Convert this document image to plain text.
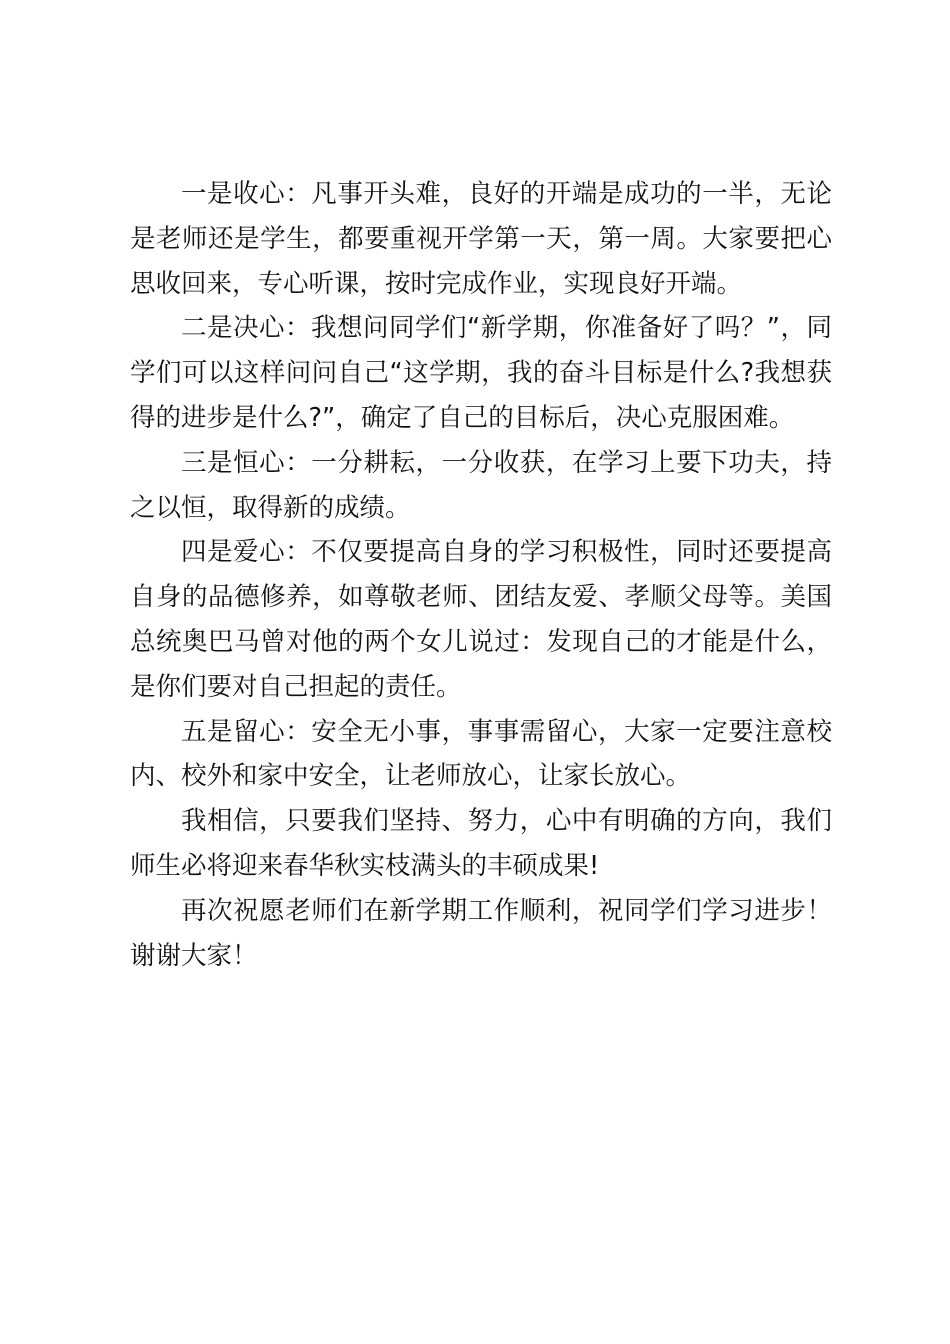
一是收心：凡事开头难，良好的开端是成功的一半，无论是老师还是学生，都要重视开学第一天，第一周。大家要把心思收回来，专心听课，按时完成作业，实现良好开端。

二是决心：我想问同学们“新学期，你准备好了吗？”，同学们可以这样问问自己“这学期，我的奋斗目标是什么?我想获得的进步是什么?”，确定了自己的目标后，决心克服困难。

三是恒心：一分耕耘，一分收获，在学习上要下功夫，持之以恒，取得新的成绩。

四是爱心：不仅要提高自身的学习积极性，同时还要提高自身的品德修养，如尊敬老师、团结友爱、孝顺父母等。美国总统奥巴马曾对他的两个女儿说过：发现自己的才能是什么，是你们要对自己担起的责任。

五是留心：安全无小事，事事需留心，大家一定要注意校内、校外和家中安全，让老师放心，让家长放心。

我相信，只要我们坚持、努力，心中有明确的方向，我们师生必将迎来春华秋实枝满头的丰硕成果!

再次祝愿老师们在新学期工作顺利，祝同学们学习进步！谢谢大家！
